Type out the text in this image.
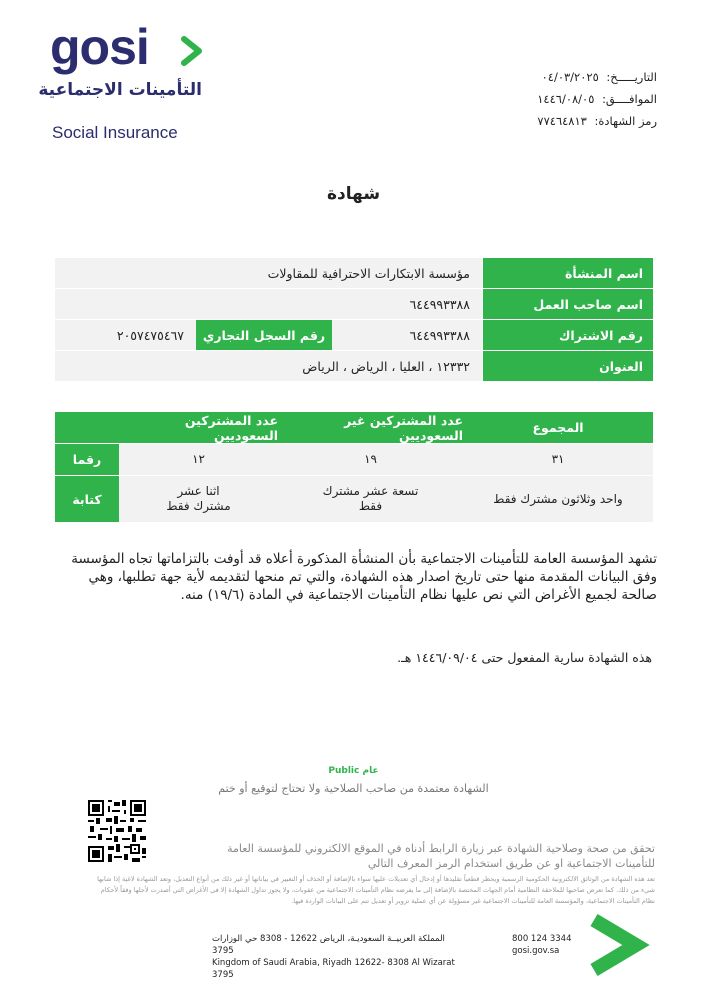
gosi
التأمينات الاجتماعية
Social Insurance
التاريـــــخ: ٠٤/٠٣/٢٠٢٥
الموافــــق: ١٤٤٦/٠٨/٠٥
رمز الشهادة: ٧٧٤٦٤٨١٣
شهادة
اسم المنشأة
مؤسسة الابتكارات الاحترافية للمقاولات
اسم صاحب العمل
٦٤٤٩٩٣٣٨٨
رقم الاشتراك
٦٤٤٩٩٣٣٨٨
رقم السجل التجاري
٢٠٥٧٤٧٥٤٦٧
العنوان
١٢٣٣٢ ، العليا ، الرياض ، الرياض
المجموع
عدد المشتركين غير السعوديين
عدد المشتركين السعوديين
٣١
١٩
١٢
رقما
واحد وثلاثون مشترك فقط
تسعة عشر مشترك فقط
اثنا عشر مشترك فقط
كتابة
تشهد المؤسسة العامة للتأمينات الاجتماعية بأن المنشأة المذكورة أعلاه قد أوفت بالتزاماتها تجاه المؤسسة وفق البيانات المقدمة منها حتى تاريخ اصدار هذه الشهادة، والتي تم منحها لتقديمه لأية جهة تطلبها، وهي صالحة لجميع الأغراض التي نص عليها نظام التأمينات الاجتماعية في المادة (١٩/٦) منه.
هذه الشهادة سارية المفعول حتى ١٤٤٦/٠٩/٠٤ هـ.
Public عام
الشهادة معتمدة من صاحب الصلاحية ولا تحتاج لتوقيع أو ختم
تحقق من صحة وصلاحية الشهادة عبر زيارة الرابط أدناه في الموقع الالكتروني للمؤسسة العامة
للتأمينات الاجتماعية او عن طريق استخدام الرمز المعرف التالي
تعد هذه الشهادة من الوثائق الالكترونية الحكومية الرسمية ويحظر قطعياً تقليدها أو إدخال أي تعديلات عليها سواء بالإضافة أو الحذف أو التغيير في بياناتها أو غير ذلك من أنواع التعديل، وتعد الشهادة لاغية إذا شابها شيء من ذلك. كما تعرض صاحبها للملاحقة النظامية أمام الجهات المختصة بالإضافة إلى ما يفرضه نظام التأمينات الاجتماعية من عقوبات، ولا يجوز تداول الشهادة إلا في الأغراض التي أصدرت لأجلها وفقاً لأحكام نظام التأمينات الاجتماعية، والمؤسسة العامة للتأمينات الاجتماعية غير مسؤولة عن أي عملية تزوير أو تعديل تتم على البيانات الواردة فيها.
المملكة العربيــة السعوديـة، الرياض 12622 - 8308 حي الوزارات 3795
Kingdom of Saudi Arabia, Riyadh 12622- 8308 Al Wizarat 3795
800 124 3344
gosi.gov.sa
